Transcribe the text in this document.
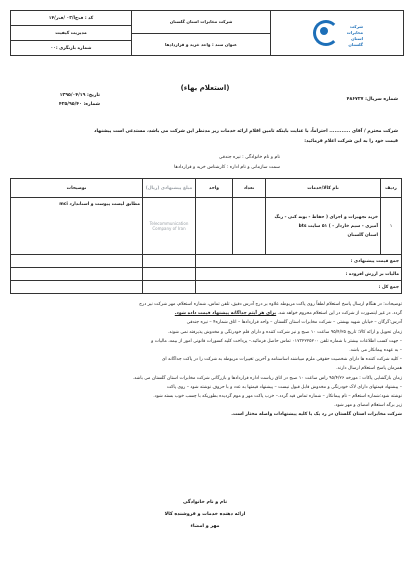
شرکت مخابرات استان گلستان
شرکت مخابرات استان گلستان
عنوان سند : واحد خرید و قراردادها
کد : ف‌ح‌ا/۰۳ /ف‌ر/۱۴
مدیریت کیفیت
شماره بازنگری :۰۰
تاریخ: ۱۳۹۵/۰۴/۱۹
شماره: ۴۲۵/۹۵/۴۰
شماره سریال: ۴۸۶۷۲۷
(استعلام بهاء)
شرکت محترم / آقای ............ احتراماً، با عنایت باینکه تامین اقلام ارائه خدمات زیر مدنظر این شرکت می باشد، مستدعی است پیشنهاد
قیمت خود را به این شرکت اعلام فرمائید:
نام و نام خانوادگی : نیره جندقی
سمت سازمانی و نام اداره : کارشناس خرید و قراردادها
ردیف	نام کالا/خدمات	تعداد	واحد	مبلغ پیشنهادی (ریال)	توضیحات
۱	خرید تجهیزات و اجرای ( حفاظ - بوته کنی - رنگ
آمیزی - سیم خاردار - ) ۵۱ سایت bts
استان گلستان			Telecommunication Company of Iran	مطابق لیست پیوست و استاندارد mci
جمع قیمت پیشنهادی :					
مالیات بر ارزش افزوده :					
جمع کل :					

توضیحات: در هنگام ارسال پاسخ استعلام لطفاً روی پاکت مربوطه علاوه بر درج آدرس دقیق، تلفن تماس، شماره استعلام، مهر شرکت نیز درج

گردد. در غیر اینصورت از شرکت در این استعلام محروم خواهد شد. برای هر آیتم جداگانه پیشنهاد قیمت داده شود.

آدرس:گرگان – خیابان شهید بهشتی – شرکت مخابرات استان گلستان – واحد قراردادها – اتاق شماره۴ – نیره جندقی

زمان تحویل و ارائه کالا: تاریخ ۹۵/۴/۲۵ ساعت ۱۰ صبح و نیز شرکت کننده و دارای قلم خودرنگی و مخدوش پذیرفته نمی شوند.

– جهت کسب اطلاعات بیشتر با شماره تلفن ۰۱۷۳۲۲۲۵۲۰۰ تماس حاصل فرمائید.– پرداخت کلیه کسورات قانونی امور از بیمه، مالیات و

– به عهده پیمانکار می باشد.

– کلیه شرکت کننده ها دارای شخصیت حقوقی ملزم میباشند اساسنامه و آخرین تغییرات مربوطه به شرکت را در پاکت جداگانه ای

همزمان پاسخ استعلام ارسال دارند.

زمان بازگشایی پاکات : مورخه ۹۵/۴/۲۶ راس ساعت ۱۰ صبح در اتاق ریاست اداره قراردادها و بازرگانی شرکت مخابرات استان گلستان می باشد.

– پیشنهاد قیمتهای دارای لاک خودرنگی و مخدوش قابل قبول نیست – پیشنهاد قیمتها به عدد و با حروف نوشته شود – روی پاکت

نوشته شود:شماره استعلام – نام پیمانکار – شماره تماس قید گردد.– خرب پاکت مهر و موم گردیده بطوریکه با چسب خوب بسته شود.

زیر برگه استعلام امضای و مهر شود.

شرکت مخابرات استان گلستان در رد یک یا کلیه پیشنهادات واصله مختار است.

نام و نام خانوادگی
ارائه دهنده خدمات و فروشنده کالا
مهر و امضاء
